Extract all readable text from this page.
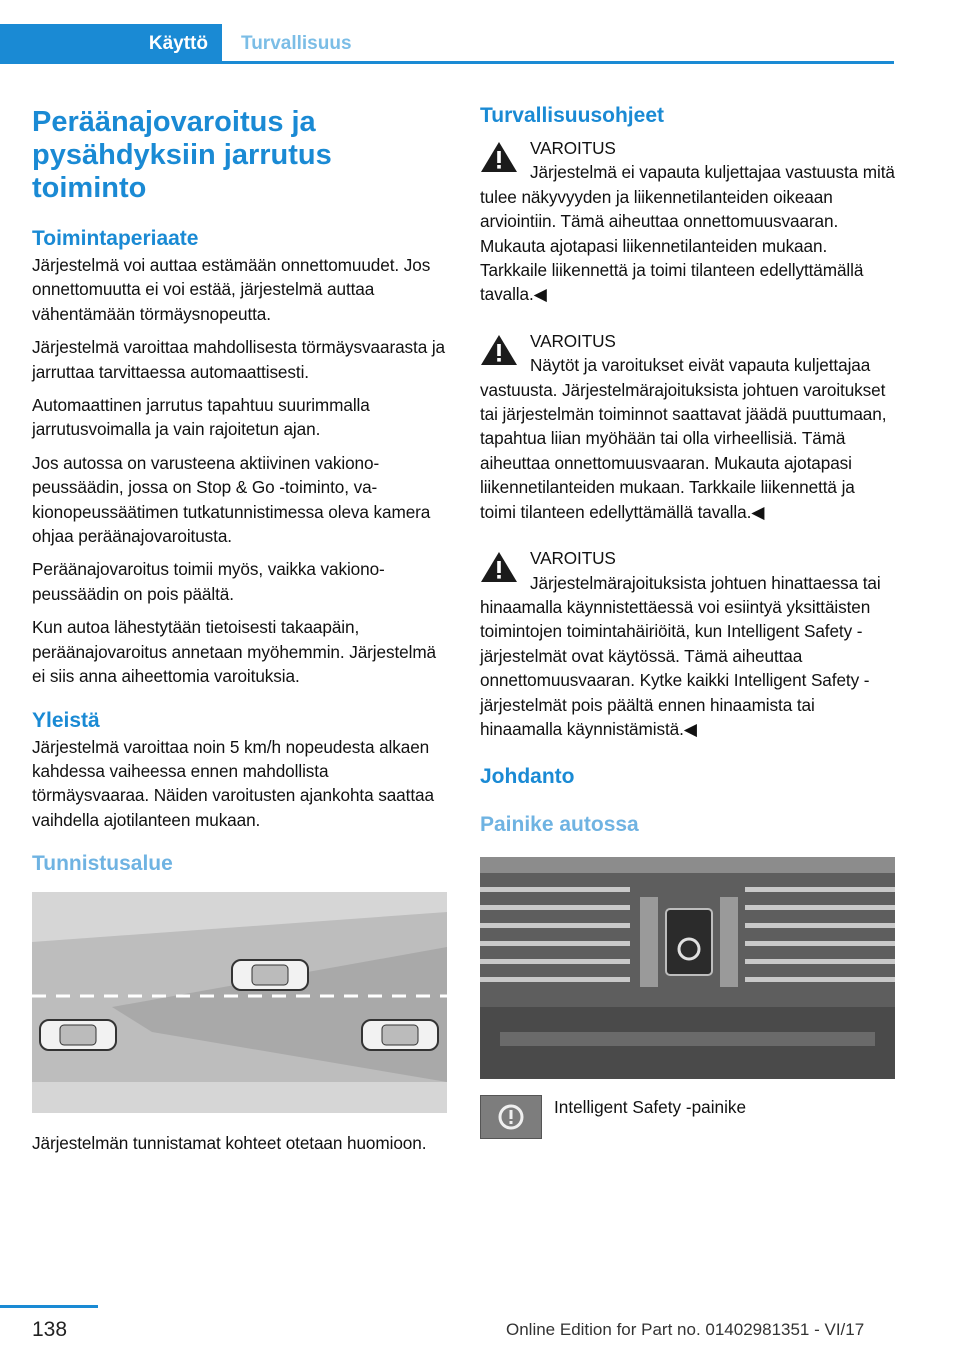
Käyttö	Turvallisuus
Peräänajovaroitus ja pysähdyksiin jarrutus toiminto
Toimintaperiaate

Järjestelmä voi auttaa estämään onnettomuudet. Jos onnettomuutta ei voi estää, järjestelmä auttaa vähentämään törmäysnopeutta.

Järjestelmä varoittaa mahdollisesta törmäysvaarasta ja jarruttaa tarvittaessa automaattisesti.

Automaattinen jarrutus tapahtuu suurimmalla jarrutusvoimalla ja vain rajoitetun ajan.

Jos autossa on varusteena aktiivinen vakionopeussäädin, jossa on Stop & Go -toiminto, vakionopeussäätimen tutkatunnistimessa oleva kamera ohjaa peräänajovaroitusta.

Peräänajovaroitus toimii myös, vaikka vakionopeussäädin on pois päältä.

Kun autoa lähestytään tietoisesti takaapäin, peräänajovaroitus annetaan myöhemmin. Järjestelmä ei siis anna aiheettomia varoituksia.

Yleistä

Järjestelmä varoittaa noin 5 km/h nopeudesta alkaen kahdessa vaiheessa ennen mahdollista törmäysvaaraa. Näiden varoitusten ajankohta saattaa vaihdella ajotilanteen mukaan.

Tunnistusalue

Järjestelmän tunnistamat kohteet otetaan huomioon.

Turvallisuusohjeet

VAROITUS

Järjestelmä ei vapauta kuljettajaa vastuusta mitä tulee näkyvyyden ja liikennetilanteiden oikeaan arviointiin. Tämä aiheuttaa onnettomuusvaaran. Mukauta ajotapasi liikennetilanteiden mukaan. Tarkkaile liikennettä ja toimi tilanteen edellyttämällä tavalla.◀

VAROITUS

Näytöt ja varoitukset eivät vapauta kuljettajaa vastuusta. Järjestelmärajoituksista johtuen varoitukset tai järjestelmän toiminnot saattavat jäädä puuttumaan, tapahtua liian myöhään tai olla virheellisiä. Tämä aiheuttaa onnettomuusvaaran. Mukauta ajotapasi liikennetilanteiden mukaan. Tarkkaile liikennettä ja toimi tilanteen edellyttämällä tavalla.◀

VAROITUS

Järjestelmärajoituksista johtuen hinattaessa tai hinaamalla käynnistettäessä voi esiintyä yksittäisten toimintojen toimintahäiriöitä, kun Intelligent Safety -järjestelmät ovat käytössä. Tämä aiheuttaa onnettomuusvaaran. Kytke kaikki Intelligent Safety -järjestelmät pois päältä ennen hinaamista tai hinaamalla käynnistämistä.◀

Johdanto
Painike autossa
Intelligent Safety -painike
138	Online Edition for Part no. 01402981351 - VI/17
